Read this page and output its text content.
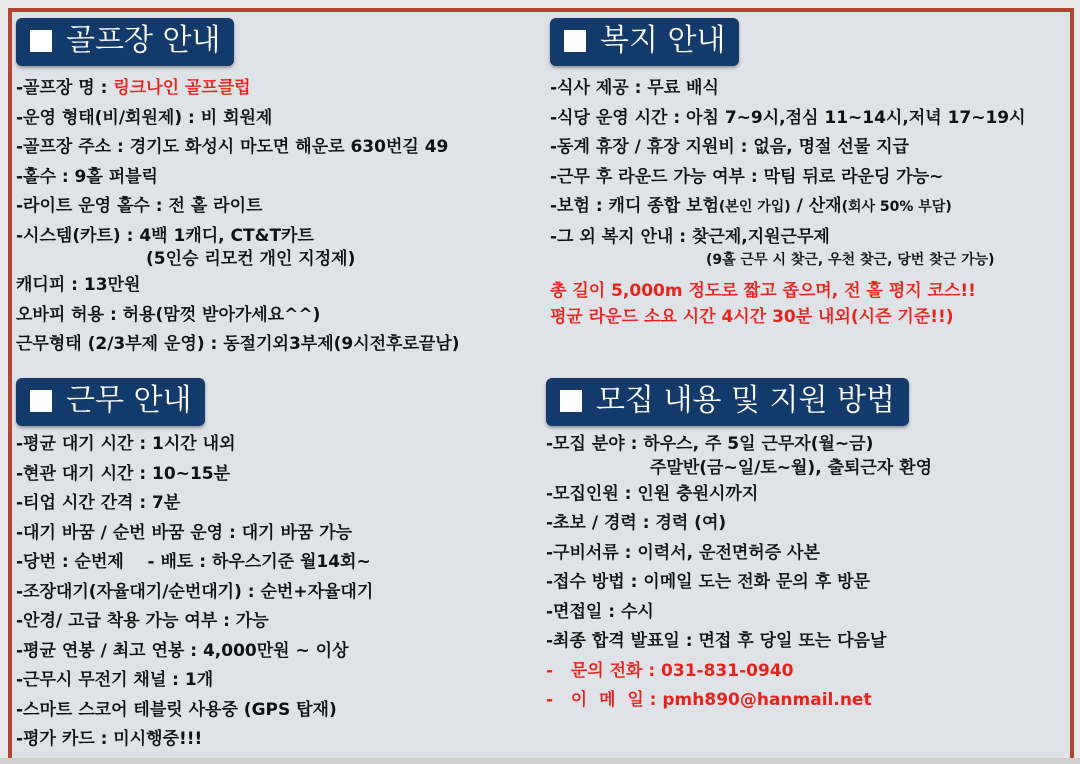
골프장 안내
-골프장 명 : 링크나인 골프클럽
-운영 형태(비/회원제) : 비 회원제
-골프장 주소 : 경기도 화성시 마도면 해운로 630번길 49
-홀수 : 9홀 퍼블릭
-라이트 운영 홀수 : 전 홀 라이트
-시스템(카트) : 4백 1캐디, CT&T카트
(5인승 리모컨 개인 지정제)
캐디피 : 13만원
오바피 허용 : 허용(맘껏 받아가세요^^)
근무형태 (2/3부제 운영) : 동절기외3부제(9시전후로끝남)
복지 안내
-식사 제공 : 무료 배식
-식당 운영 시간 : 아침 7~9시,점심 11~14시,저녁 17~19시
-동계 휴장 / 휴장 지원비 : 없음, 명절 선물 지급
-근무 후 라운드 가능 여부 : 막팀 뒤로 라운딩 가능~
-보험 : 캐디 종합 보험(본인 가입) / 산재(회사 50% 부담)
-그 외 복지 안내 : 찾근제,지원근무제
(9홀 근무 시 찾근, 우천 찾근, 당번 찾근 가능)
총 길이 5,000m 정도로 짧고 좁으며, 전 홀 평지 코스!!
평균 라운드 소요 시간 4시간 30분 내외(시즌 기준!!)
근무 안내
-평균 대기 시간 : 1시간 내외
-현관 대기 시간 : 10~15분
-티업 시간 간격 : 7분
-대기 바꿈 / 순번 바꿈 운영 : 대기 바꿈 가능
-당번 : 순번제    - 배토 : 하우스기준 월14회~
-조장대기(자율대기/순번대기) : 순번+자율대기
-안경/ 고급 착용 가능 여부 : 가능
-평균 연봉 / 최고 연봉 : 4,000만원 ~ 이상
-근무시 무전기 채널 : 1개
-스마트 스코어 테블릿 사용중 (GPS 탑재)
-평가 카드 : 미시행중!!!
모집 내용 및 지원 방법
-모집 분야 : 하우스, 주 5일 근무자(월~금)
주말반(금~일/토~월), 출퇴근자 환영
-모집인원 : 인원 충원시까지
-초보 / 경력 : 경력 (여)
-구비서류 : 이력서, 운전면허증 사본
-접수 방법 : 이메일 도는 전화 문의 후 방문
-면접일 : 수시
-최종 합격 발표일 : 면접 후 당일 또는 다음날
-   문의 전화 : 031-831-0940
-   이  메  일 : pmh890@hanmail.net
